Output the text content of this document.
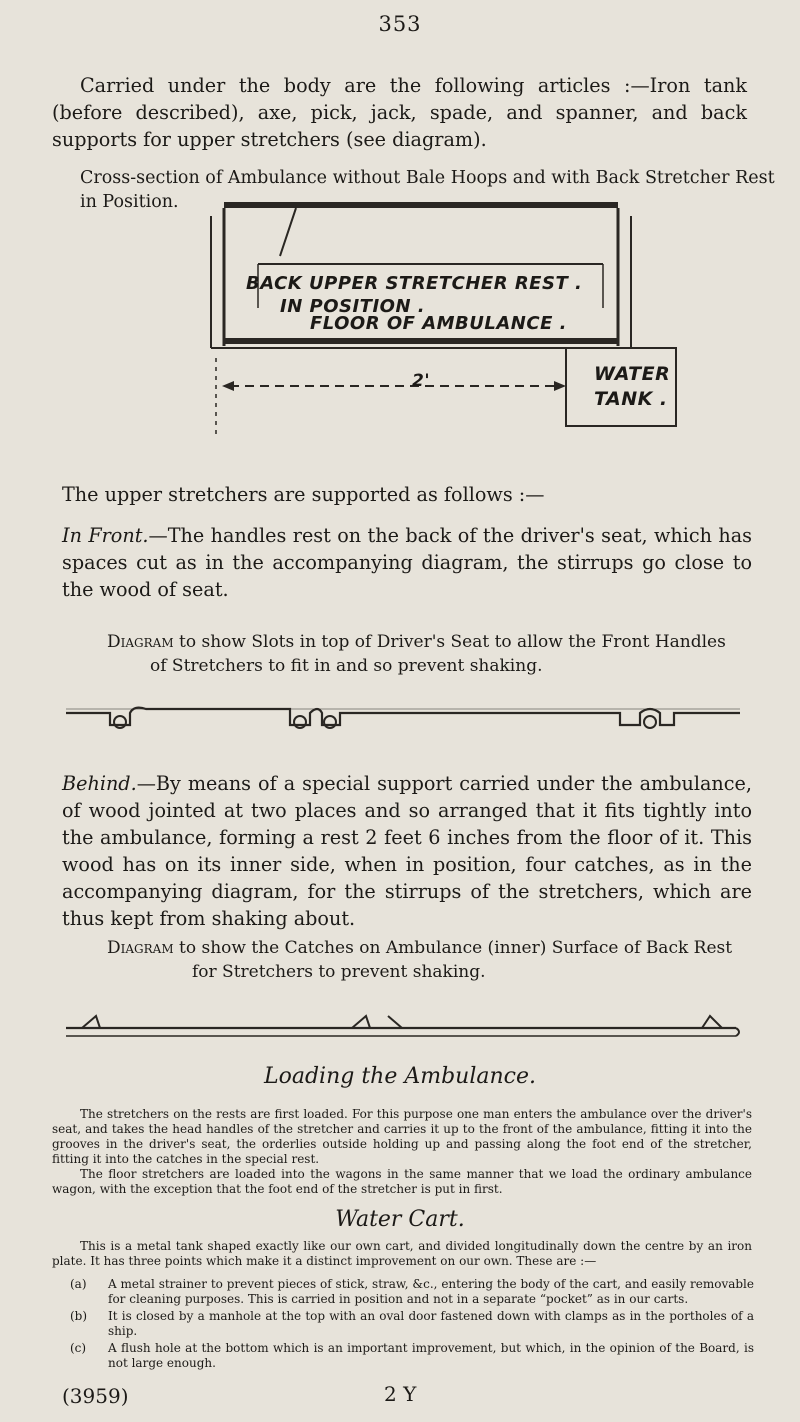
353

Carried under the body are the following articles :—Iron tank (before described), axe, pick, jack, spade, and spanner, and back supports for upper stretchers (see diagram).

Cross-section of Ambulance without Bale Hoops and with Back Stretcher Rest in Position.

BACK UPPER STRETCHER REST .
IN POSITION .
FLOOR OF AMBULANCE .
2'	WATER
TANK .

The upper stretchers are supported as follows :—

In Front.—The handles rest on the back of the driver's seat, which has spaces cut as in the accompanying diagram, the stirrups go close to the wood of seat.

Diagram to show Slots in top of Driver's Seat to allow the Front Handles

of Stretchers to fit in and so prevent shaking.

Behind.—By means of a special support carried under the ambulance, of wood jointed at two places and so arranged that it fits tightly into the ambulance, forming a rest 2 feet 6 inches from the floor of it. This wood has on its inner side, when in position, four catches, as in the accompanying diagram, for the stirrups of the stretchers, which are thus kept from shaking about.

Diagram to show the Catches on Ambulance (inner) Surface of Back Rest

for Stretchers to prevent shaking.

Loading the Ambulance.

The stretchers on the rests are first loaded. For this purpose one man enters the ambulance over the driver's seat, and takes the head handles of the stretcher and carries it up to the front of the ambulance, fitting it into the grooves in the driver's seat, the orderlies outside holding up and passing along the foot end of the stretcher, fitting it into the catches in the special rest.

The floor stretchers are loaded into the wagons in the same manner that we load the ordinary ambulance wagon, with the exception that the foot end of the stretcher is put in first.

Water Cart.

This is a metal tank shaped exactly like our own cart, and divided longitudinally down the centre by an iron plate. It has three points which make it a distinct improvement on our own. These are :—

(a) A metal strainer to prevent pieces of stick, straw, &c., entering the body of the cart, and easily removable for cleaning purposes. This is carried in position and not in a separate “pocket” as in our carts.
(b) It is closed by a manhole at the top with an oval door fastened down with clamps as in the portholes of a ship.
(c) A flush hole at the bottom which is an important improvement, but which, in the opinion of the Board, is not large enough.
(3959)	2 Y
